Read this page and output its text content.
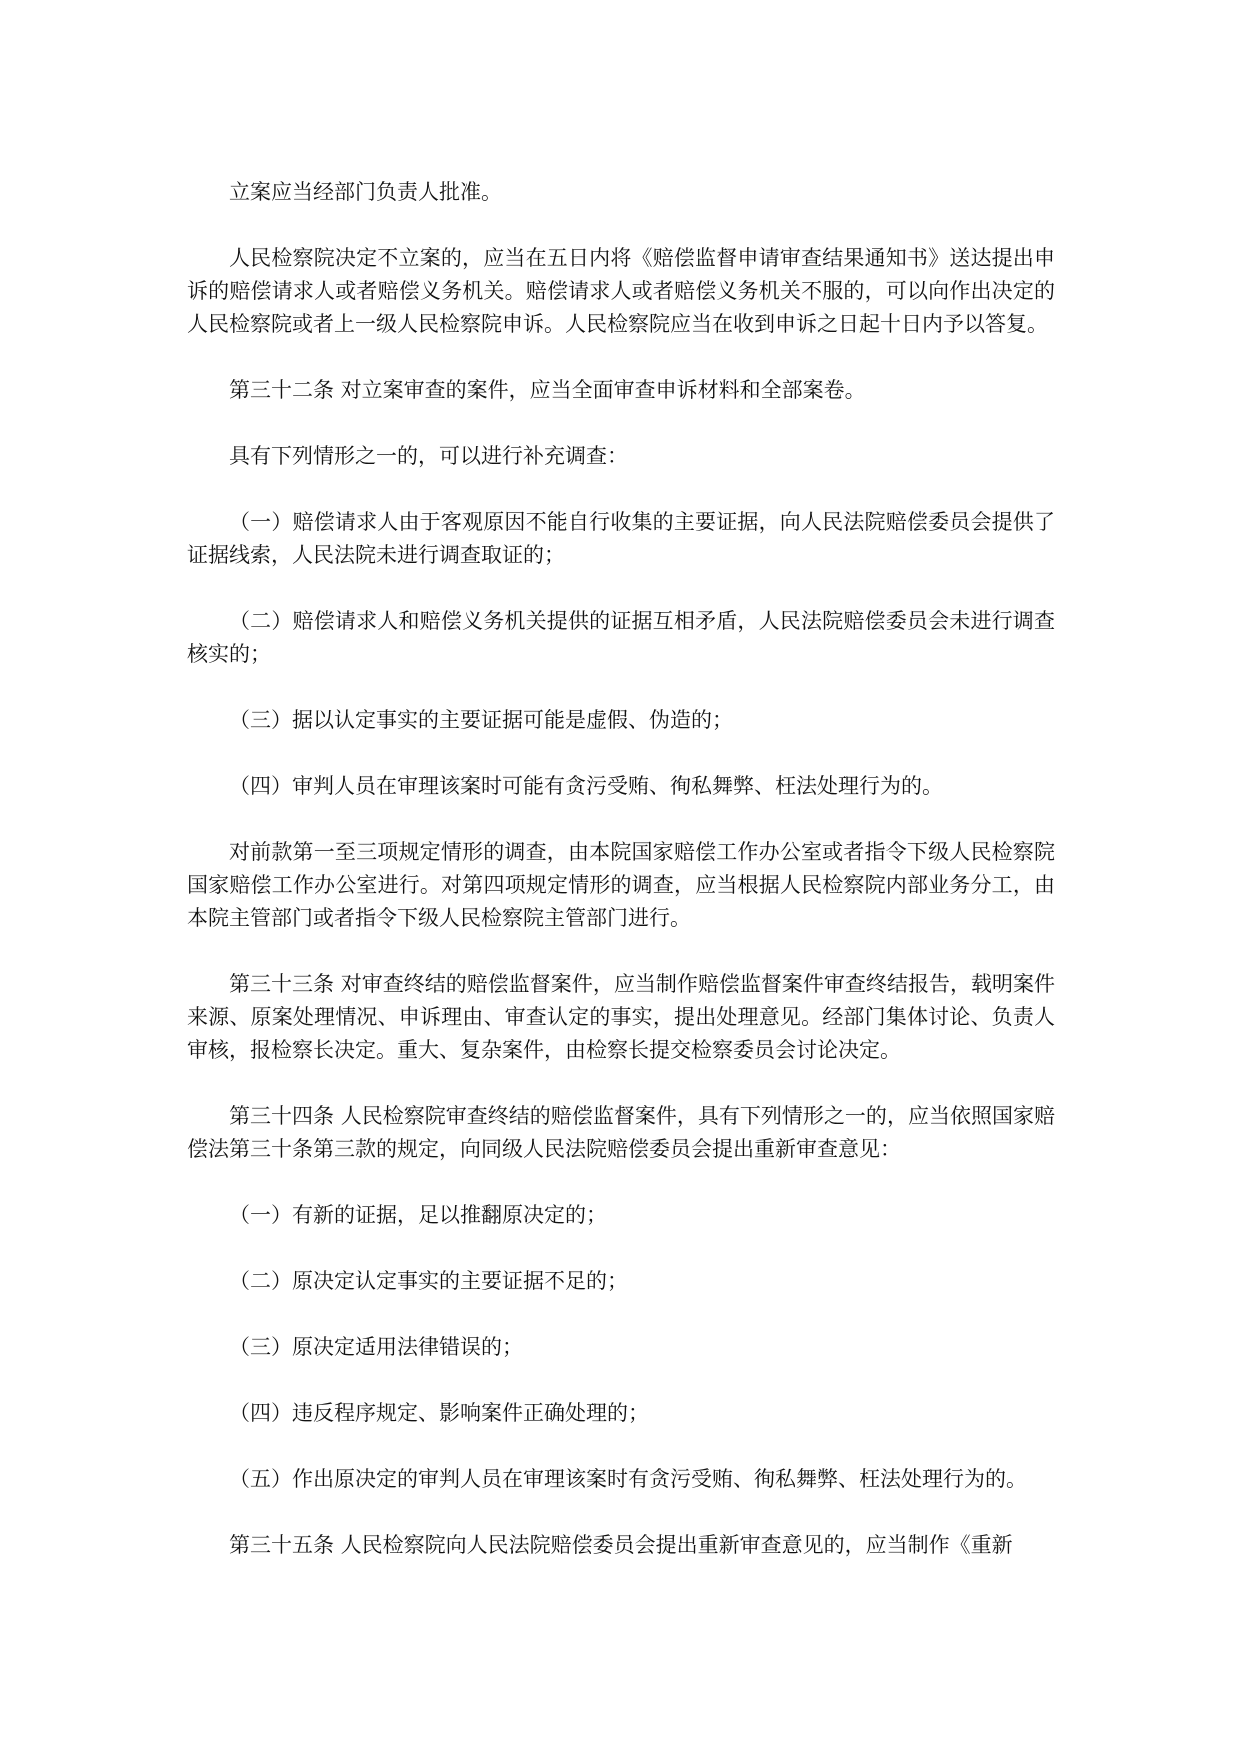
立案应当经部门负责人批准。

人民检察院决定不立案的，应当在五日内将《赔偿监督申请审查结果通知书》送达提出申诉的赔偿请求人或者赔偿义务机关。赔偿请求人或者赔偿义务机关不服的，可以向作出决定的人民检察院或者上一级人民检察院申诉。人民检察院应当在收到申诉之日起十日内予以答复。

第三十二条 对立案审查的案件，应当全面审查申诉材料和全部案卷。

具有下列情形之一的，可以进行补充调查：

（一）赔偿请求人由于客观原因不能自行收集的主要证据，向人民法院赔偿委员会提供了证据线索，人民法院未进行调查取证的；

（二）赔偿请求人和赔偿义务机关提供的证据互相矛盾，人民法院赔偿委员会未进行调查核实的；

（三）据以认定事实的主要证据可能是虚假、伪造的；

（四）审判人员在审理该案时可能有贪污受贿、徇私舞弊、枉法处理行为的。

对前款第一至三项规定情形的调查，由本院国家赔偿工作办公室或者指令下级人民检察院国家赔偿工作办公室进行。对第四项规定情形的调查，应当根据人民检察院内部业务分工，由本院主管部门或者指令下级人民检察院主管部门进行。

第三十三条 对审查终结的赔偿监督案件，应当制作赔偿监督案件审查终结报告，载明案件来源、原案处理情况、申诉理由、审查认定的事实，提出处理意见。经部门集体讨论、负责人审核，报检察长决定。重大、复杂案件，由检察长提交检察委员会讨论决定。

第三十四条 人民检察院审查终结的赔偿监督案件，具有下列情形之一的，应当依照国家赔偿法第三十条第三款的规定，向同级人民法院赔偿委员会提出重新审查意见：

（一）有新的证据，足以推翻原决定的；

（二）原决定认定事实的主要证据不足的；

（三）原决定适用法律错误的；

（四）违反程序规定、影响案件正确处理的；

（五）作出原决定的审判人员在审理该案时有贪污受贿、徇私舞弊、枉法处理行为的。

第三十五条 人民检察院向人民法院赔偿委员会提出重新审查意见的，应当制作《重新
